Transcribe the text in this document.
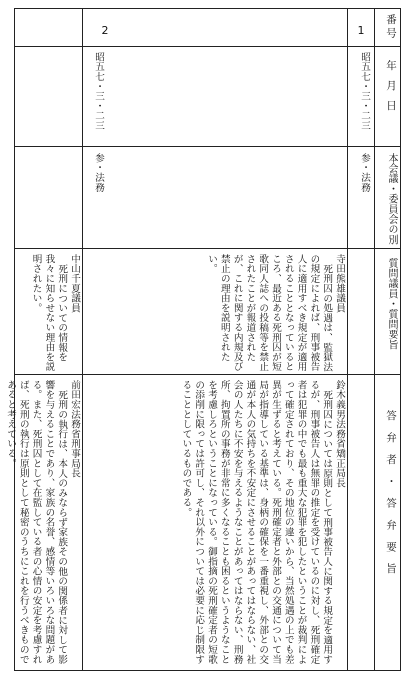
番号
年 月 日
本会議・委員会の別
質問議員・質問要旨
答 弁 者 ・ 答 弁 要 旨
1
昭五七・三・二三
参・法務
寺田熊雄議員
死刑囚の処遇は、監獄法の規定によれば、刑事被告人に適用すべき規定が適用されることとなっているところ、最近ある死刑囚が短歌同人誌への投稿等を禁止されたことが報道されたが、これに関する内規及び禁止の理由を説明されたい。
鈴木義男法務省矯正局長
死刑囚については原則として刑事被告人に関する規定を適用するが、刑事被告人は無罪の推定を受けているのに対し、死刑確定者は犯罪の中でも最も重大な犯罪を犯したということが裁判によって確定されており、その地位の違いから、当然処遇の上でも差異が生ずると考えている。死刑確定者と外部との交通について当局が指導している基準は、身柄の確保を一番重視し、外部との交通が本人の気持ちを不安定にさせることがあってはならない、社会の人たちに不安を与えるようなことがあってはならない、刑務所、拘置所の事務が非常に多くなることも困るというようなことを考慮しろということになっている。御指摘の死刑確定者の短歌の添削に限っては許可し、それ以外については必要に応じ制限することとしているものである。
2
昭五七・三・二三
参・法務
中山千夏議員
死刑についての情報を我々に知らせない理由を説明されたい。
前田宏法務省刑事局長
死刑の執行は、本人のみならず家族その他の関係者に対して影響を与えることであり、家族の名誉、感情等いろいろな問題がある。また、死刑囚として在監している者の心情の安定を考慮すれば、死刑の執行は原則として秘密のうちにこれを行うべきものであると考えている。
